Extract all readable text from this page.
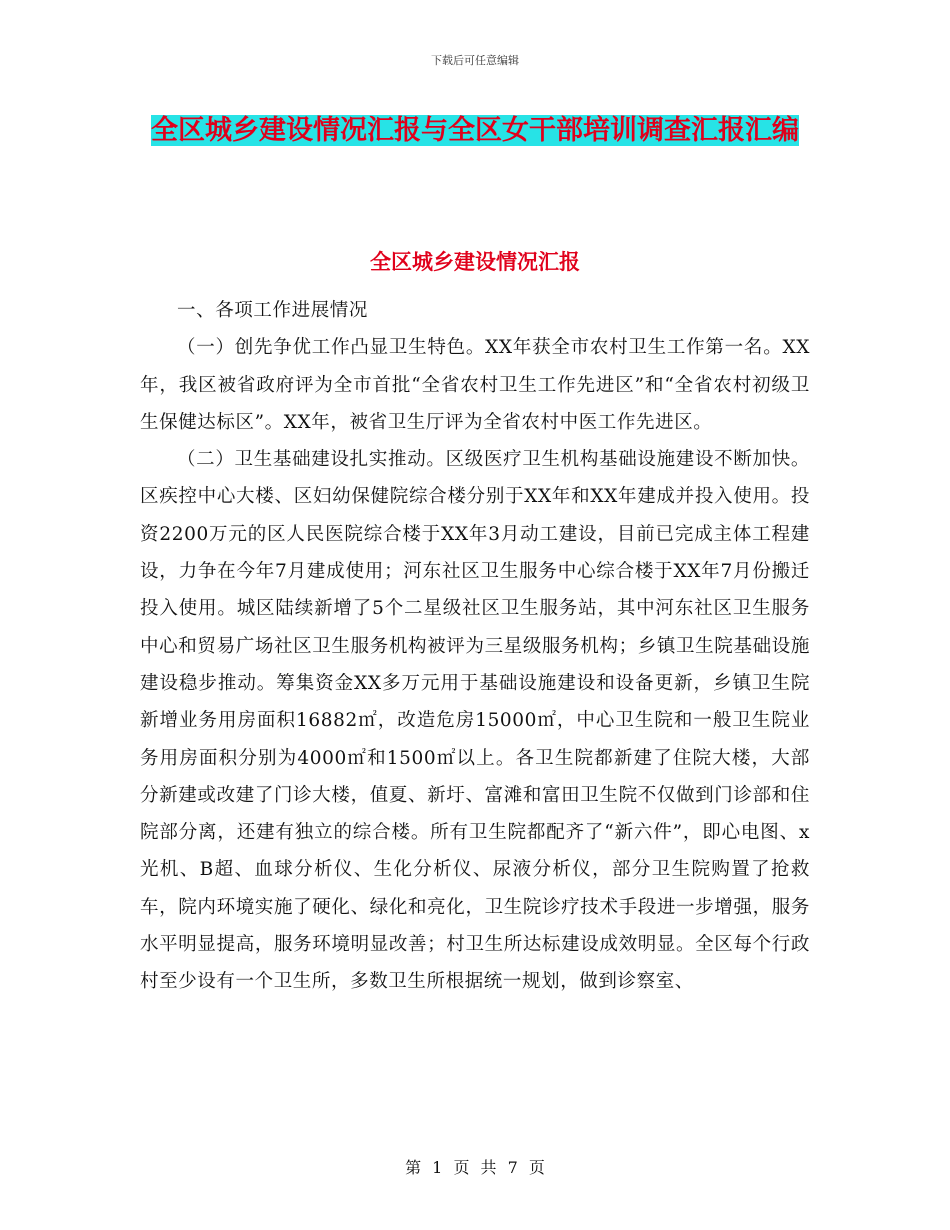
下载后可任意编辑
全区城乡建设情况汇报与全区女干部培训调查汇报汇编
全区城乡建设情况汇报

一、各项工作进展情况

（一）创先争优工作凸显卫生特色。XX年获全市农村卫生工作第一名。XX年，我区被省政府评为全市首批“全省农村卫生工作先进区”和“全省农村初级卫生保健达标区”。XX年，被省卫生厅评为全省农村中医工作先进区。

（二）卫生基础建设扎实推动。区级医疗卫生机构基础设施建设不断加快。区疾控中心大楼、区妇幼保健院综合楼分别于XX年和XX年建成并投入使用。投资2200万元的区人民医院综合楼于XX年3月动工建设，目前已完成主体工程建设，力争在今年7月建成使用；河东社区卫生服务中心综合楼于XX年7月份搬迁投入使用。城区陆续新增了5个二星级社区卫生服务站，其中河东社区卫生服务中心和贸易广场社区卫生服务机构被评为三星级服务机构；乡镇卫生院基础设施建设稳步推动。筹集资金XX多万元用于基础设施建设和设备更新，乡镇卫生院新增业务用房面积16882㎡，改造危房15000㎡，中心卫生院和一般卫生院业务用房面积分别为4000㎡和1500㎡以上。各卫生院都新建了住院大楼，大部分新建或改建了门诊大楼，值夏、新圩、富滩和富田卫生院不仅做到门诊部和住院部分离，还建有独立的综合楼。所有卫生院都配齐了“新六件”，即心电图、x光机、B超、血球分析仪、生化分析仪、尿液分析仪，部分卫生院购置了抢救车，院内环境实施了硬化、绿化和亮化，卫生院诊疗技术手段进一步增强，服务水平明显提高，服务环境明显改善；村卫生所达标建设成效明显。全区每个行政村至少设有一个卫生所，多数卫生所根据统一规划，做到诊察室、

第 1 页 共 7 页
